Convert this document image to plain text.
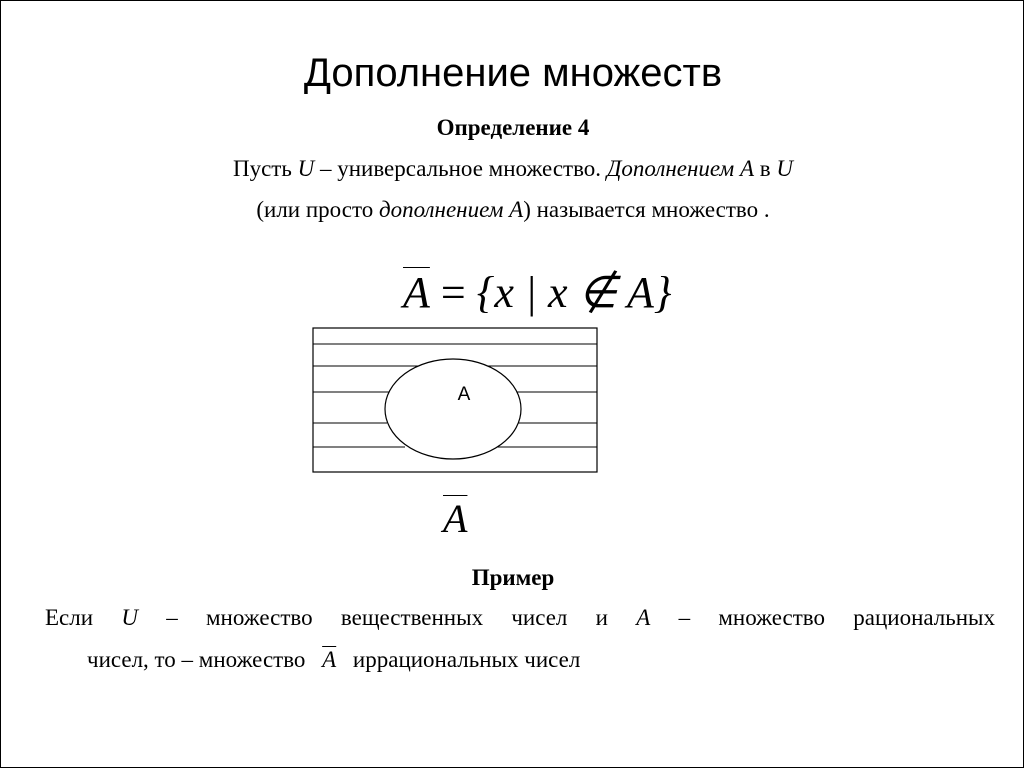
Дополнение множеств
Определение 4
Пусть U – универсальное множество. Дополнением A в U
(или просто дополнением A) называется множество .
$\overline{A} = \{x$ | x ∉ A}
A
$\overline{A}$
Пример
Если U – множество вещественных чисел и A – множество рациональных
чисел, то – множество $\overline{A}$ иррациональных чисел
